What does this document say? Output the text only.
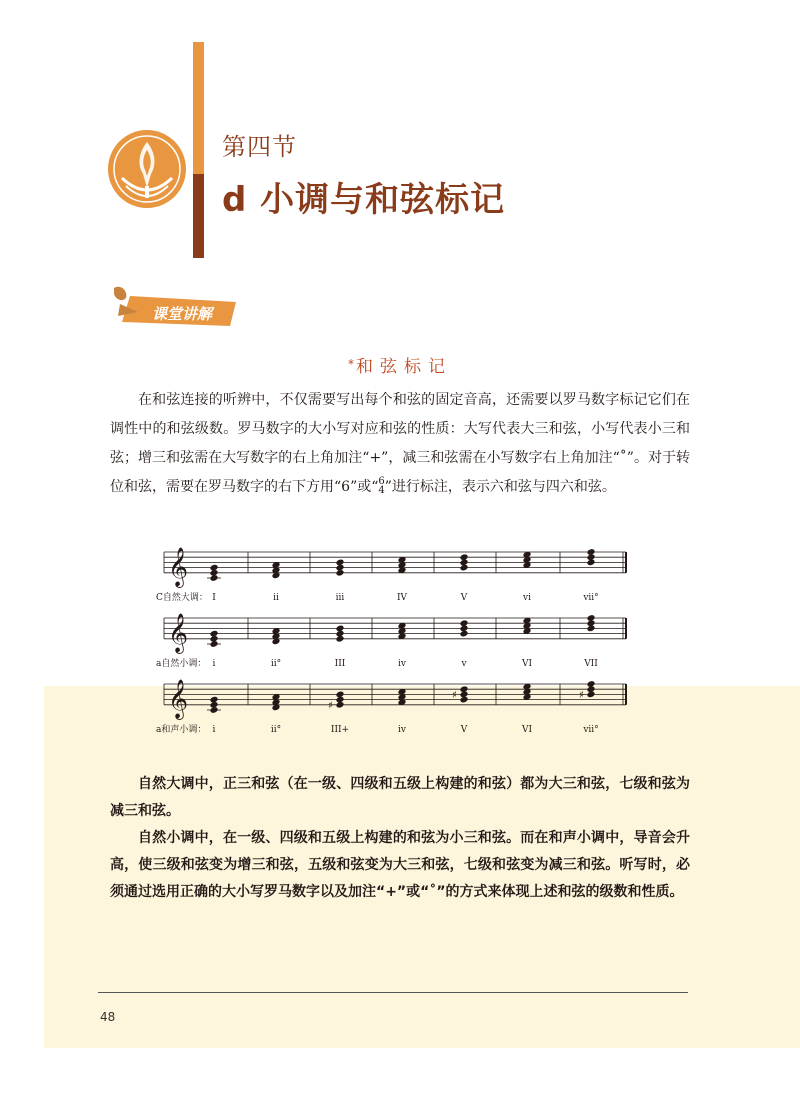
第四节
d 小调与和弦标记
课堂讲解
*和弦标记
在和弦连接的听辨中，不仅需要写出每个和弦的固定音高，还需要以罗马数字标记它们在调性中的和弦级数。罗马数字的大小写对应和弦的性质：大写代表大三和弦，小写代表小三和弦；增三和弦需在大写数字的右上角加注“+”，减三和弦需在小写数字右上角加注“˚”。对于转位和弦，需要在罗马数字的右下方用“6”或“ 6
4 ”进行标注，表示六和弦与四六和弦。
𝄞
𝄞
𝄞	♯
♯	♯
C自然大调： I	ii	iii	IV	V	vi	vii°
a自然小调： i	ii°	III	iv	v	VI	VII
a和声小调： i	ii°	III+	iv	V	VI	vii°

自然大调中，正三和弦（在一级、四级和五级上构建的和弦）都为大三和弦，七级和弦为减三和弦。

自然小调中，在一级、四级和五级上构建的和弦为小三和弦。而在和声小调中，导音会升高，使三级和弦变为增三和弦，五级和弦变为大三和弦，七级和弦变为减三和弦。听写时，必须通过选用正确的大小写罗马数字以及加注“+”或“˚”的方式来体现上述和弦的级数和性质。

48
